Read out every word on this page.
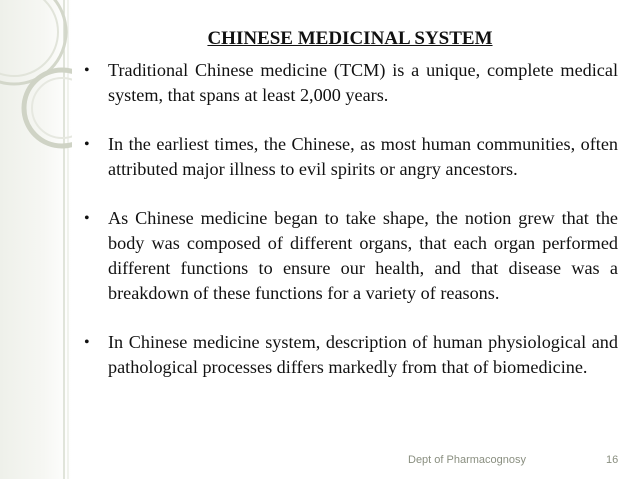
CHINESE MEDICINAL SYSTEM
• Traditional Chinese medicine (TCM) is a unique, complete medical system, that spans at least 2,000 years.
• In the earliest times, the Chinese, as most human communities, often attributed major illness to evil spirits or angry ancestors.
• As Chinese medicine began to take shape, the notion grew that the body was composed of different organs, that each organ performed different functions to ensure our health, and that disease was a breakdown of these functions for a variety of reasons.
• In Chinese medicine system, description of human physiological and pathological processes differs markedly from that of biomedicine.
Dept of Pharmacognosy	16
